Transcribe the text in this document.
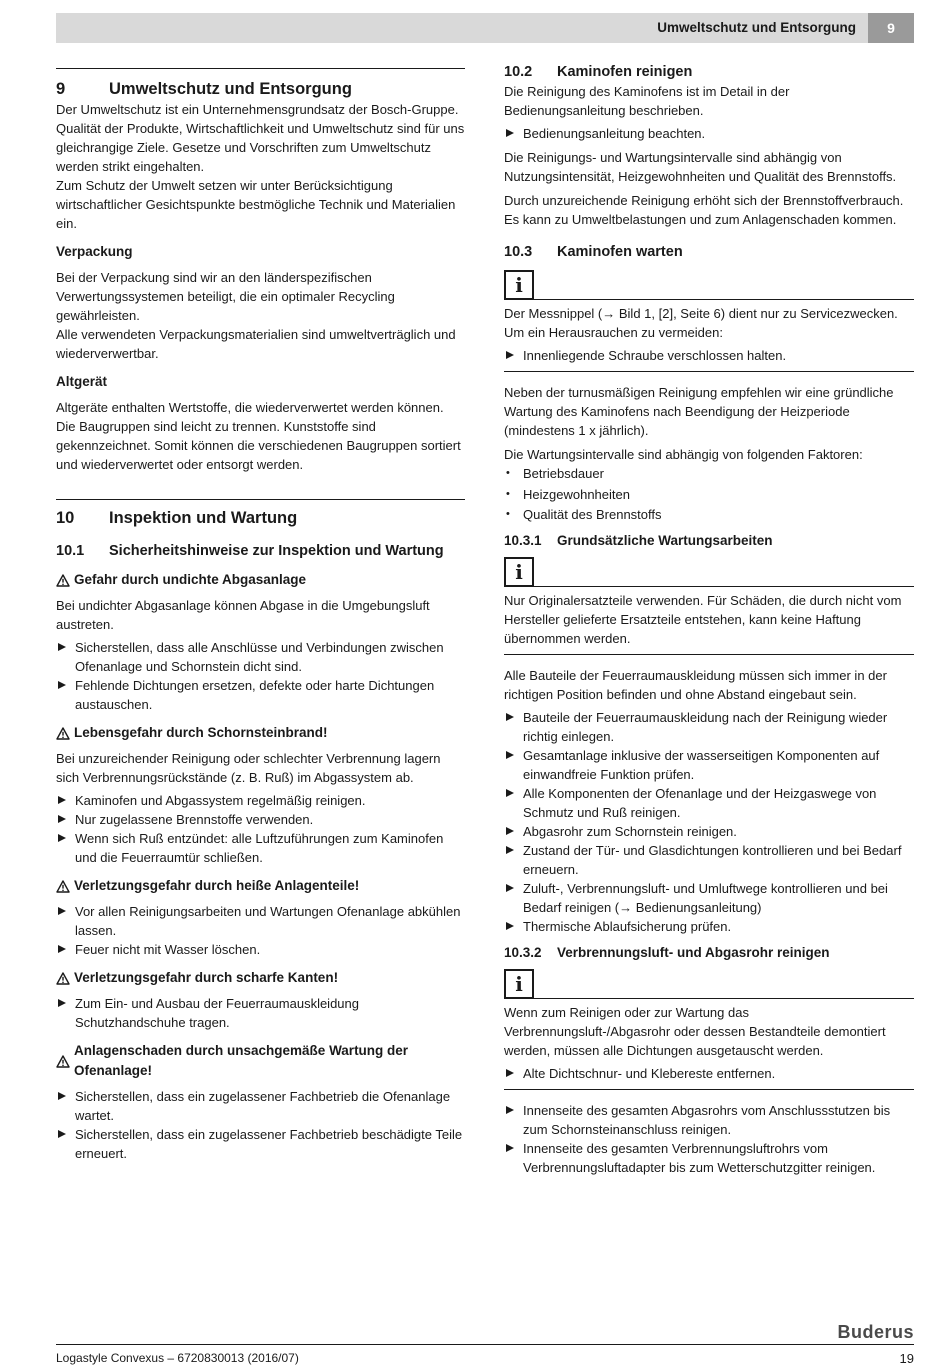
Umweltschutz und Entsorgung	9
9	Umweltschutz und Entsorgung

Der Umweltschutz ist ein Unternehmensgrundsatz der Bosch-Gruppe. Qualität der Produkte, Wirtschaftlichkeit und Umweltschutz sind für uns gleichrangige Ziele. Gesetze und Vorschriften zum Umweltschutz werden strikt eingehalten.

Zum Schutz der Umwelt setzen wir unter Berücksichtigung wirtschaftlicher Gesichtspunkte bestmögliche Technik und Materialien ein.

Verpackung

Bei der Verpackung sind wir an den länderspezifischen Verwertungssystemen beteiligt, die ein optimaler Recycling gewährleisten.

Alle verwendeten Verpackungsmaterialien sind umweltverträglich und wiederverwertbar.

Altgerät

Altgeräte enthalten Wertstoffe, die wiederverwertet werden können. Die Baugruppen sind leicht zu trennen. Kunststoffe sind gekennzeichnet. Somit können die verschiedenen Baugruppen sortiert und wiederverwertet oder entsorgt werden.

10	Inspektion und Wartung
10.1	Sicherheitshinweise zur Inspektion und Wartung
Gefahr durch undichte Abgasanlage

Bei undichter Abgasanlage können Abgase in die Umgebungsluft austreten.

Sicherstellen, dass alle Anschlüsse und Verbindungen zwischen Ofenanlage und Schornstein dicht sind.
Fehlende Dichtungen ersetzen, defekte oder harte Dichtungen austauschen.
Lebensgefahr durch Schornsteinbrand!

Bei unzureichender Reinigung oder schlechter Verbrennung lagern sich Verbrennungsrückstände (z. B. Ruß) im Abgassystem ab.

Kaminofen und Abgassystem regelmäßig reinigen.
Nur zugelassene Brennstoffe verwenden.
Wenn sich Ruß entzündet: alle Luftzuführungen zum Kaminofen und die Feuerraumtür schließen.
Verletzungsgefahr durch heiße Anlagenteile!
Vor allen Reinigungsarbeiten und Wartungen Ofenanlage abkühlen lassen.
Feuer nicht mit Wasser löschen.
Verletzungsgefahr durch scharfe Kanten!
Zum Ein- und Ausbau der Feuerraumauskleidung Schutzhandschuhe tragen.
Anlagenschaden durch unsachgemäße Wartung der Ofenanlage!
Sicherstellen, dass ein zugelassener Fachbetrieb die Ofenanlage wartet.
Sicherstellen, dass ein zugelassener Fachbetrieb beschädigte Teile erneuert.
10.2	Kaminofen reinigen

Die Reinigung des Kaminofens ist im Detail in der Bedienungsanleitung beschrieben.

Bedienungsanleitung beachten.

Die Reinigungs- und Wartungsintervalle sind abhängig von Nutzungsintensität, Heizgewohnheiten und Qualität des Brennstoffs.

Durch unzureichende Reinigung erhöht sich der Brennstoffverbrauch. Es kann zu Umweltbelastungen und zum Anlagenschaden kommen.

10.3	Kaminofen warten
i

Der Messnippel (→ Bild 1, [2], Seite 6) dient nur zu Servicezwecken. Um ein Herausrauchen zu vermeiden:

Innenliegende Schraube verschlossen halten.

Neben der turnusmäßigen Reinigung empfehlen wir eine gründliche Wartung des Kaminofens nach Beendigung der Heizperiode (mindestens 1 x jährlich).

Die Wartungsintervalle sind abhängig von folgenden Faktoren:

• Betriebsdauer
• Heizgewohnheiten
• Qualität des Brennstoffs
10.3.1	Grundsätzliche Wartungsarbeiten
i

Nur Originalersatzteile verwenden. Für Schäden, die durch nicht vom Hersteller gelieferte Ersatzteile entstehen, kann keine Haftung übernommen werden.

Alle Bauteile der Feuerraumauskleidung müssen sich immer in der richtigen Position befinden und ohne Abstand eingebaut sein.

Bauteile der Feuerraumauskleidung nach der Reinigung wieder richtig einlegen.
Gesamtanlage inklusive der wasserseitigen Komponenten auf einwandfreie Funktion prüfen.
Alle Komponenten der Ofenanlage und der Heizgaswege von Schmutz und Ruß reinigen.
Abgasrohr zum Schornstein reinigen.
Zustand der Tür- und Glasdichtungen kontrollieren und bei Bedarf erneuern.
Zuluft-, Verbrennungsluft- und Umluftwege kontrollieren und bei Bedarf reinigen (→ Bedienungsanleitung)
Thermische Ablaufsicherung prüfen.
10.3.2	Verbrennungsluft- und Abgasrohr reinigen
i

Wenn zum Reinigen oder zur Wartung das Verbrennungsluft-/Abgasrohr oder dessen Bestandteile demontiert werden, müssen alle Dichtungen ausgetauscht werden.

Alte Dichtschnur- und Klebereste entfernen.
Innenseite des gesamten Abgasrohrs vom Anschlussstutzen bis zum Schornsteinanschluss reinigen.
Innenseite des gesamten Verbrennungsluftrohrs vom Verbrennungsluftadapter bis zum Wetterschutzgitter reinigen.
Buderus
Logastyle Convexus – 6720830013 (2016/07)	19
